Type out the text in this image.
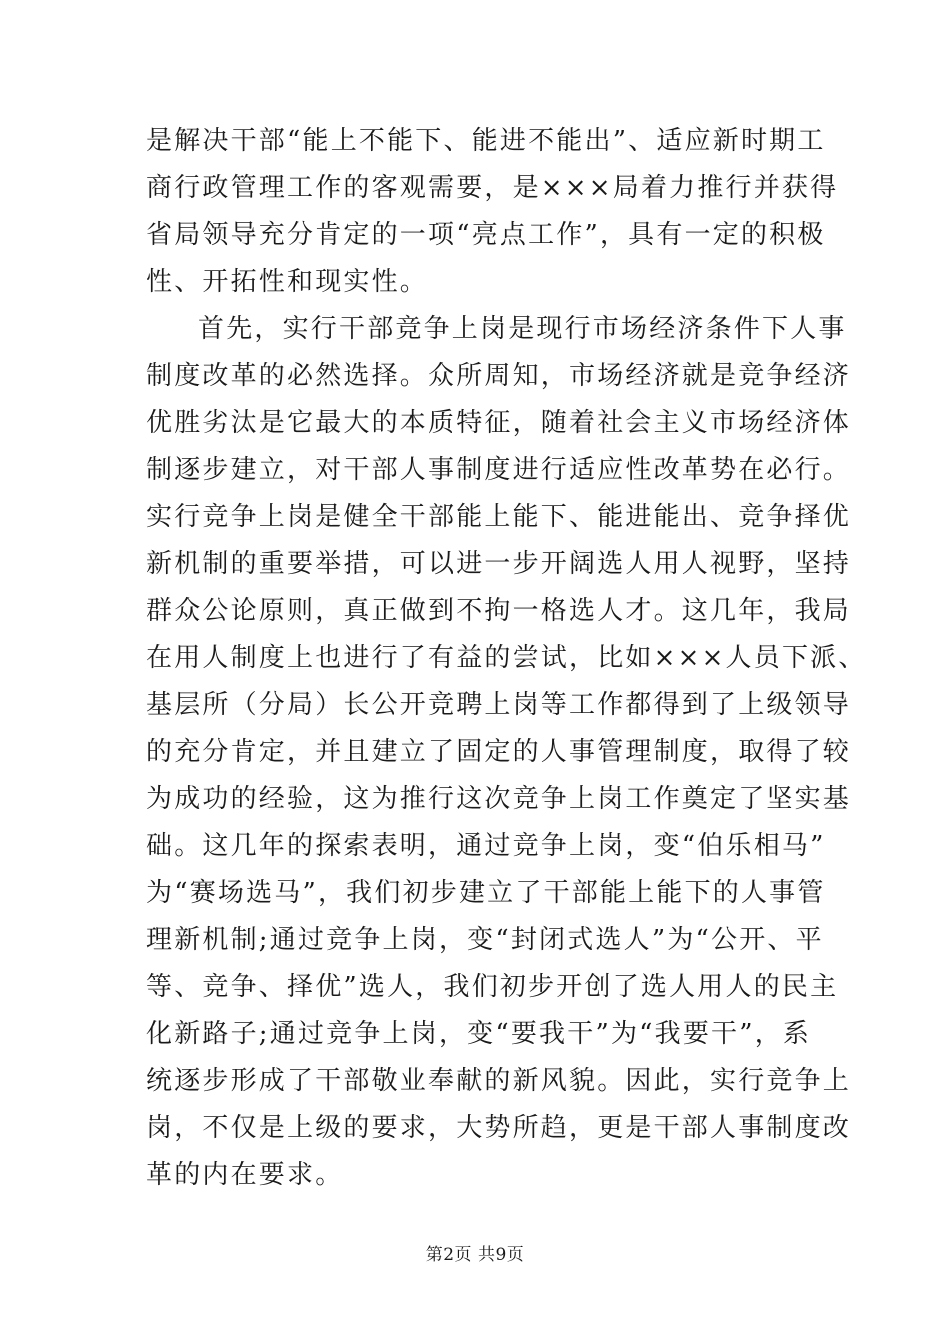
是解决干部“能上不能下、能进不能出”、适应新时期工
商行政管理工作的客观需要，是×××局着力推行并获得
省局领导充分肯定的一项“亮点工作”，具有一定的积极
性、开拓性和现实性。
首先，实行干部竞争上岗是现行市场经济条件下人事
制度改革的必然选择。众所周知，市场经济就是竞争经济
优胜劣汰是它最大的本质特征，随着社会主义市场经济体
制逐步建立，对干部人事制度进行适应性改革势在必行。
实行竞争上岗是健全干部能上能下、能进能出、竞争择优
新机制的重要举措，可以进一步开阔选人用人视野，坚持
群众公论原则，真正做到不拘一格选人才。这几年，我局
在用人制度上也进行了有益的尝试，比如×××人员下派、
基层所（分局）长公开竞聘上岗等工作都得到了上级领导
的充分肯定，并且建立了固定的人事管理制度，取得了较
为成功的经验，这为推行这次竞争上岗工作奠定了坚实基
础。这几年的探索表明，通过竞争上岗，变“伯乐相马”
为“赛场选马”，我们初步建立了干部能上能下的人事管
理新机制;通过竞争上岗，变“封闭式选人”为“公开、平
等、竞争、择优”选人，我们初步开创了选人用人的民主
化新路子;通过竞争上岗，变“要我干”为“我要干”，系
统逐步形成了干部敬业奉献的新风貌。因此，实行竞争上
岗，不仅是上级的要求，大势所趋，更是干部人事制度改
革的内在要求。
第2页 共9页
